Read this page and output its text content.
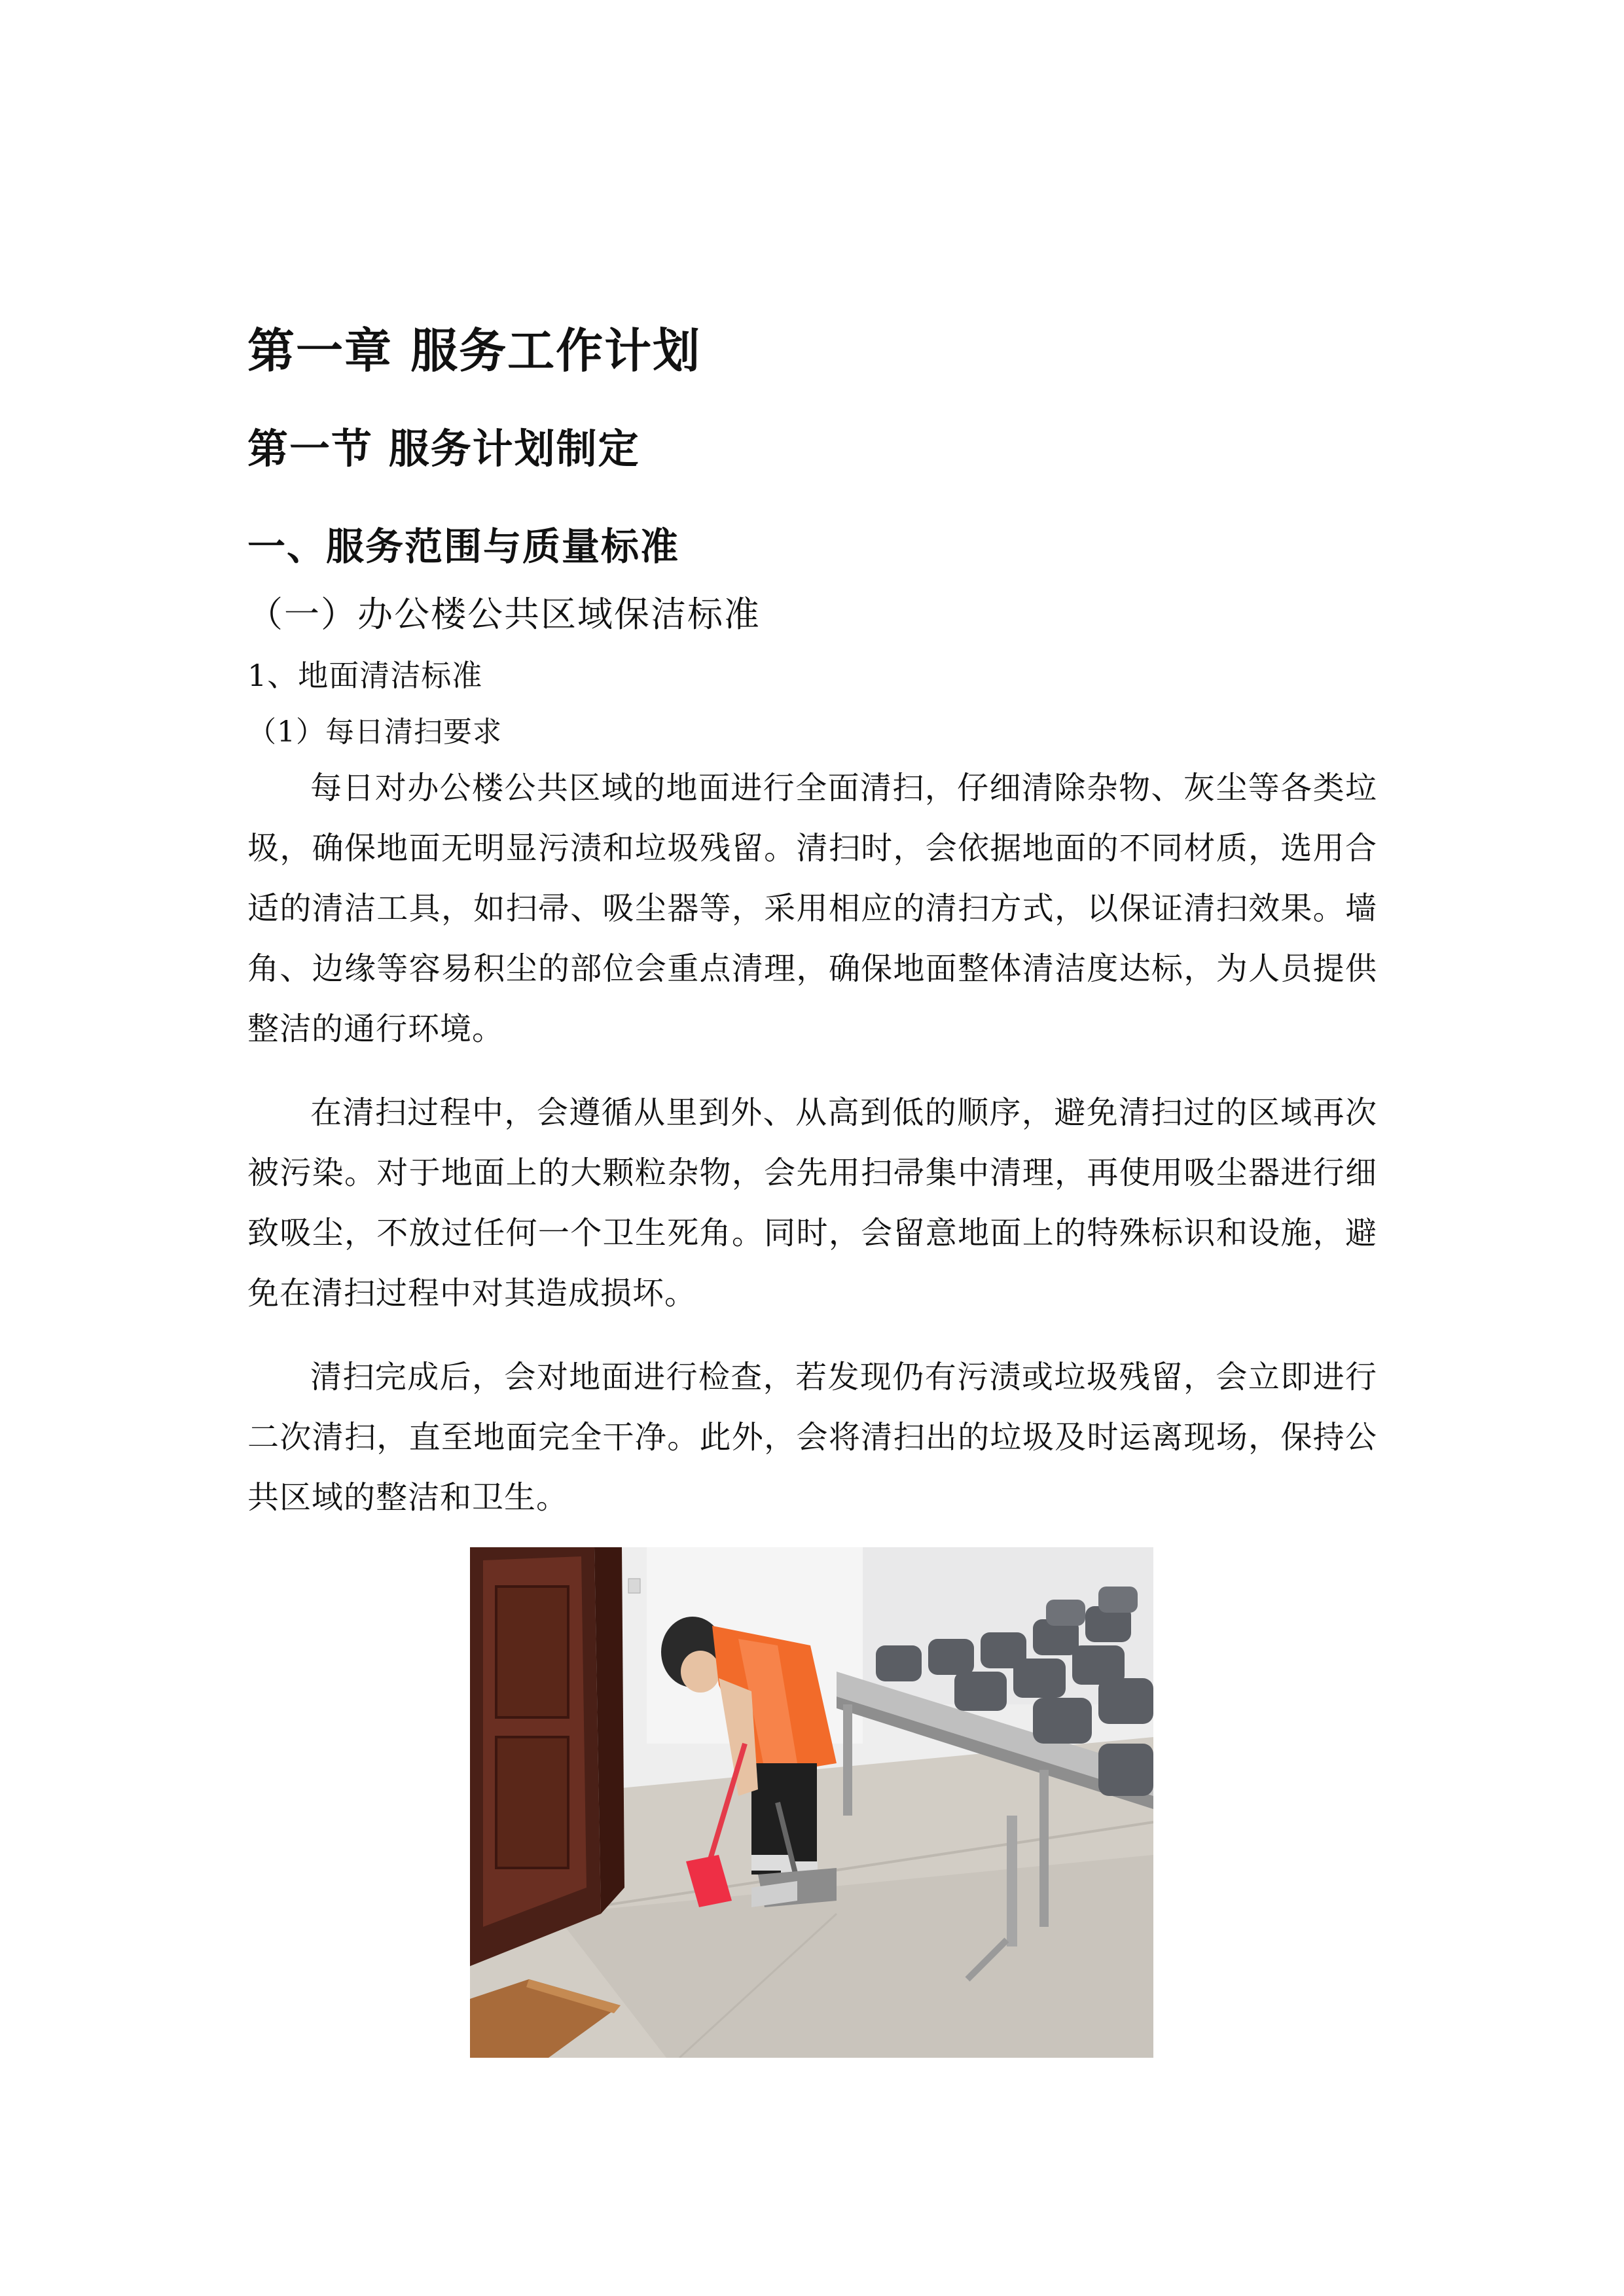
第一章 服务工作计划
第一节 服务计划制定
一、服务范围与质量标准
（一）办公楼公共区域保洁标准
1、地面清洁标准
（1）每日清扫要求

每日对办公楼公共区域的地面进行全面清扫，仔细清除杂物、灰尘等各类垃圾，确保地面无明显污渍和垃圾残留。清扫时，会依据地面的不同材质，选用合适的清洁工具，如扫帚、吸尘器等，采用相应的清扫方式，以保证清扫效果。墙角、边缘等容易积尘的部位会重点清理，确保地面整体清洁度达标，为人员提供整洁的通行环境。

在清扫过程中，会遵循从里到外、从高到低的顺序，避免清扫过的区域再次被污染。对于地面上的大颗粒杂物，会先用扫帚集中清理，再使用吸尘器进行细致吸尘，不放过任何一个卫生死角。同时，会留意地面上的特殊标识和设施，避免在清扫过程中对其造成损坏。

清扫完成后，会对地面进行检查，若发现仍有污渍或垃圾残留，会立即进行二次清扫，直至地面完全干净。此外，会将清扫出的垃圾及时运离现场，保持公共区域的整洁和卫生。
